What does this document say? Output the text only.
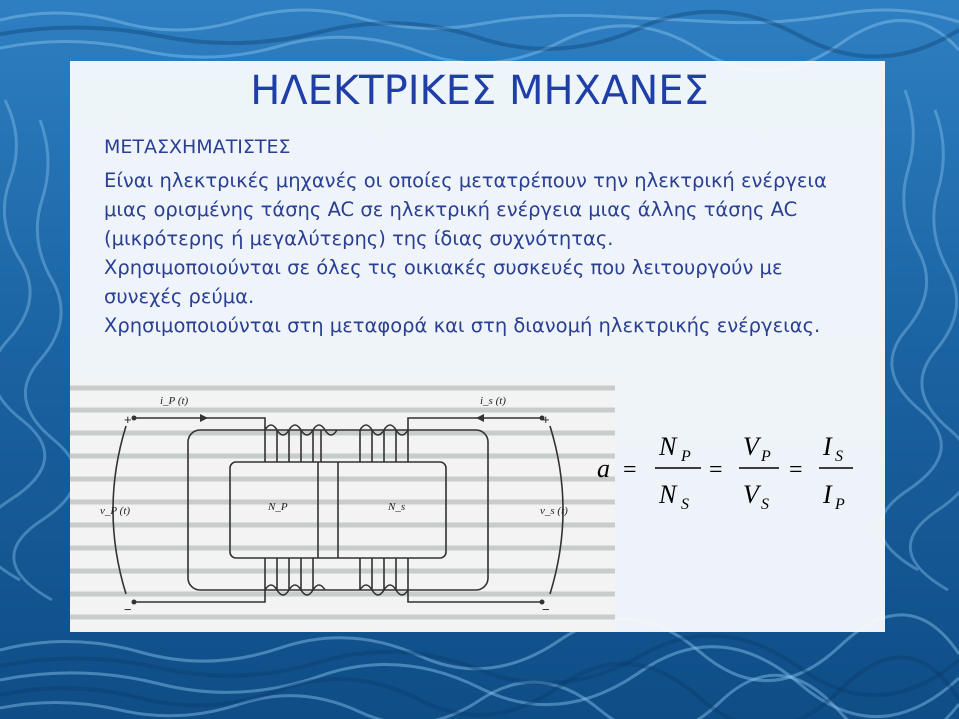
ΗΛΕΚΤΡΙΚΕΣ ΜΗΧΑΝΕΣ
ΜΕΤΑΣΧΗΜΑΤΙΣΤΕΣ

Είναι ηλεκτρικές μηχανές οι οποίες μετατρέπουν την ηλεκτρική ενέργεια μιας ορισμένης τάσης AC σε ηλεκτρική ενέργεια μιας άλλης τάσης AC (μικρότερης ή μεγαλύτερης) της ίδιας συχνότητας.

Χρησιμοποιούνται σε όλες τις οικιακές συσκευές που λειτουργούν με συνεχές ρεύμα.

Χρησιμοποιούνται στη μεταφορά και στη διανομή ηλεκτρικής ενέργειας.

i_P (t)	i_s (t)
v_P (t)	v_s (t)
N_P	N_s
+
−
+
−
a =
N P
N S
=
V P
V S
=
I S
I P
